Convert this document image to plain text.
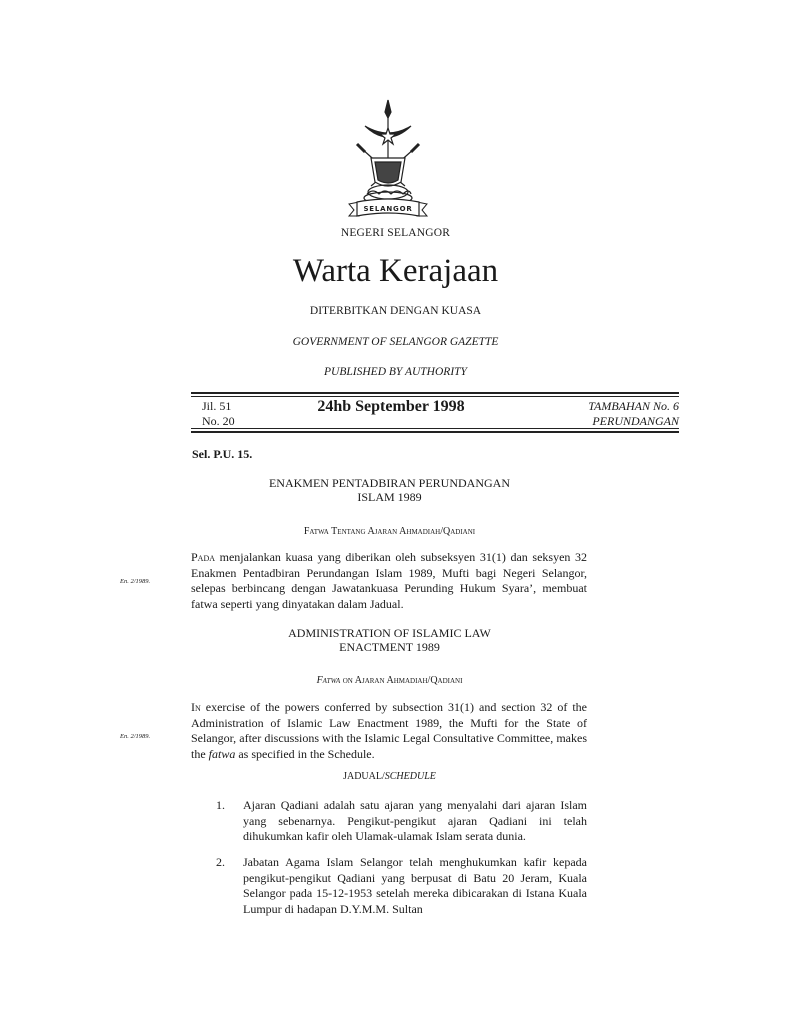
SELANGOR
NEGERI SELANGOR
Warta Kerajaan
DITERBITKAN DENGAN KUASA
GOVERNMENT OF SELANGOR GAZETTE
PUBLISHED BY AUTHORITY
Jil. 51
No. 20
24hb September 1998	TAMBAHAN No. 6
PERUNDANGAN
Sel. P.U. 15.
ENAKMEN PENTADBIRAN PERUNDANGAN
ISLAM 1989
Fatwa Tentang Ajaran Ahmadiah/Qadiani
En. 2/1989.
Pada menjalankan kuasa yang diberikan oleh subseksyen 31(1) dan seksyen 32 Enakmen Pentadbiran Perundangan Islam 1989, Mufti bagi Negeri Selangor, selepas berbincang dengan Jawatankuasa Perunding Hukum Syara’, membuat fatwa seperti yang dinyatakan dalam Jadual.
ADMINISTRATION OF ISLAMIC LAW
ENACTMENT 1989
Fatwa on Ajaran Ahmadiah/Qadiani
En. 2/1989.
In exercise of the powers conferred by subsection 31(1) and section 32 of the Administration of Islamic Law Enactment 1989, the Mufti for the State of Selangor, after discussions with the Islamic Legal Consultative Committee, makes the fatwa as specified in the Schedule.
JADUAL/SCHEDULE
1. Ajaran Qadiani adalah satu ajaran yang menyalahi dari ajaran Islam yang sebenarnya. Pengikut-pengikut ajaran Qadiani ini telah dihukumkan kafir oleh Ulamak-ulamak Islam serata dunia.
2. Jabatan Agama Islam Selangor telah menghukumkan kafir kepada pengikut-pengikut Qadiani yang berpusat di Batu 20 Jeram, Kuala Selangor pada 15-12-1953 setelah mereka dibicarakan di Istana Kuala Lumpur di hadapan D.Y.M.M. Sultan
